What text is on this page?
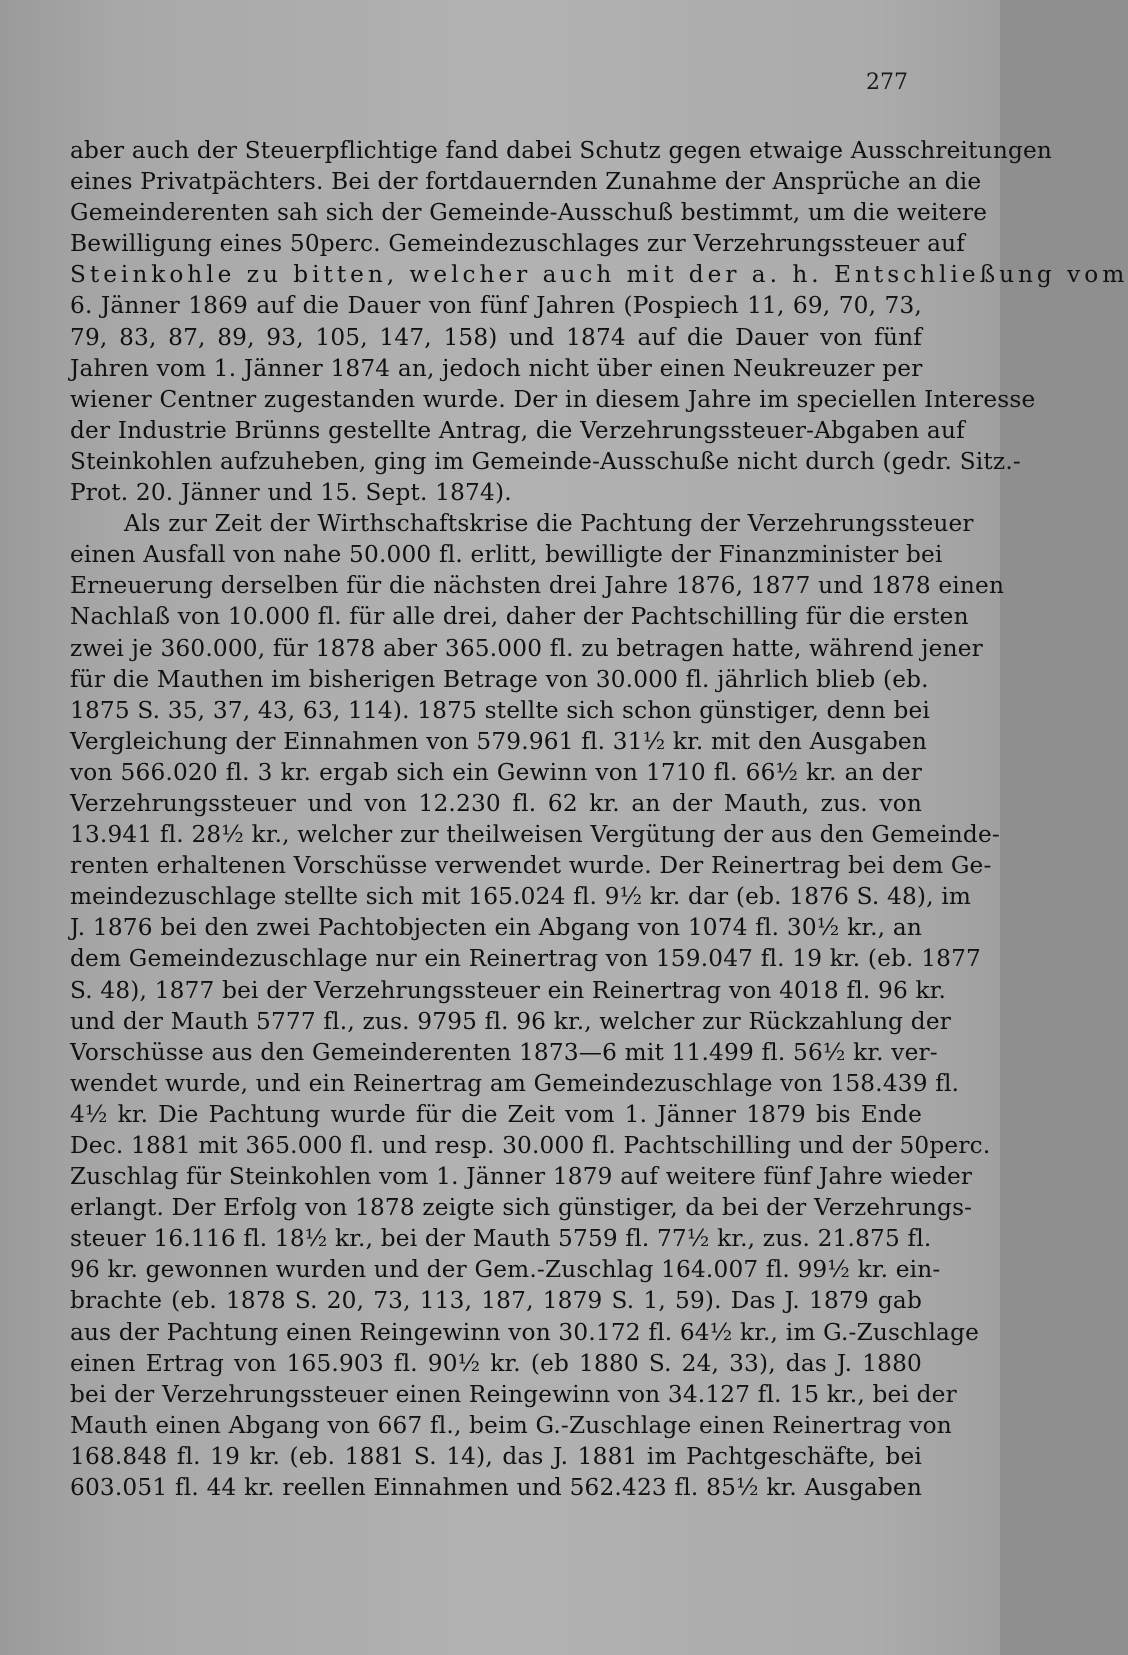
277
aber auch der Steuerpflichtige fand dabei Schutz gegen etwaige Ausschreitungen
eines Privatpächters. Bei der fortdauernden Zunahme der Ansprüche an die
Gemeinderenten sah sich der Gemeinde-Ausschuß bestimmt, um die weitere
Bewilligung eines 50perc. Gemeindezuschlages zur Verzehrungssteuer auf
Steinkohle zu bitten, welcher auch mit der a. h. Entschließung vom
6. Jänner 1869 auf die Dauer von fünf Jahren (Pospiech 11, 69, 70, 73,
79, 83, 87, 89, 93, 105, 147, 158) und 1874 auf die Dauer von fünf
Jahren vom 1. Jänner 1874 an, jedoch nicht über einen Neukreuzer per
wiener Centner zugestanden wurde. Der in diesem Jahre im speciellen Interesse
der Industrie Brünns gestellte Antrag, die Verzehrungssteuer-Abgaben auf
Steinkohlen aufzuheben, ging im Gemeinde-Ausschuße nicht durch (gedr. Sitz.-
Prot. 20. Jänner und 15. Sept. 1874).
Als zur Zeit der Wirthschaftskrise die Pachtung der Verzehrungssteuer
einen Ausfall von nahe 50.000 fl. erlitt, bewilligte der Finanzminister bei
Erneuerung derselben für die nächsten drei Jahre 1876, 1877 und 1878 einen
Nachlaß von 10.000 fl. für alle drei, daher der Pachtschilling für die ersten
zwei je 360.000, für 1878 aber 365.000 fl. zu betragen hatte, während jener
für die Mauthen im bisherigen Betrage von 30.000 fl. jährlich blieb (eb.
1875 S. 35, 37, 43, 63, 114). 1875 stellte sich schon günstiger, denn bei
Vergleichung der Einnahmen von 579.961 fl. 31½ kr. mit den Ausgaben
von 566.020 fl. 3 kr. ergab sich ein Gewinn von 1710 fl. 66½ kr. an der
Verzehrungssteuer und von 12.230 fl. 62 kr. an der Mauth, zus. von
13.941 fl. 28½ kr., welcher zur theilweisen Vergütung der aus den Gemeinde-
renten erhaltenen Vorschüsse verwendet wurde. Der Reinertrag bei dem Ge-
meindezuschlage stellte sich mit 165.024 fl. 9½ kr. dar (eb. 1876 S. 48), im
J. 1876 bei den zwei Pachtobjecten ein Abgang von 1074 fl. 30½ kr., an
dem Gemeindezuschlage nur ein Reinertrag von 159.047 fl. 19 kr. (eb. 1877
S. 48), 1877 bei der Verzehrungssteuer ein Reinertrag von 4018 fl. 96 kr.
und der Mauth 5777 fl., zus. 9795 fl. 96 kr., welcher zur Rückzahlung der
Vorschüsse aus den Gemeinderenten 1873—6 mit 11.499 fl. 56½ kr. ver-
wendet wurde, und ein Reinertrag am Gemeindezuschlage von 158.439 fl.
4½ kr. Die Pachtung wurde für die Zeit vom 1. Jänner 1879 bis Ende
Dec. 1881 mit 365.000 fl. und resp. 30.000 fl. Pachtschilling und der 50perc.
Zuschlag für Steinkohlen vom 1. Jänner 1879 auf weitere fünf Jahre wieder
erlangt. Der Erfolg von 1878 zeigte sich günstiger, da bei der Verzehrungs-
steuer 16.116 fl. 18½ kr., bei der Mauth 5759 fl. 77½ kr., zus. 21.875 fl.
96 kr. gewonnen wurden und der Gem.-Zuschlag 164.007 fl. 99½ kr. ein-
brachte (eb. 1878 S. 20, 73, 113, 187, 1879 S. 1, 59). Das J. 1879 gab
aus der Pachtung einen Reingewinn von 30.172 fl. 64½ kr., im G.-Zuschlage
einen Ertrag von 165.903 fl. 90½ kr. (eb 1880 S. 24, 33), das J. 1880
bei der Verzehrungssteuer einen Reingewinn von 34.127 fl. 15 kr., bei der
Mauth einen Abgang von 667 fl., beim G.-Zuschlage einen Reinertrag von
168.848 fl. 19 kr. (eb. 1881 S. 14), das J. 1881 im Pachtgeschäfte, bei
603.051 fl. 44 kr. reellen Einnahmen und 562.423 fl. 85½ kr. Ausgaben
